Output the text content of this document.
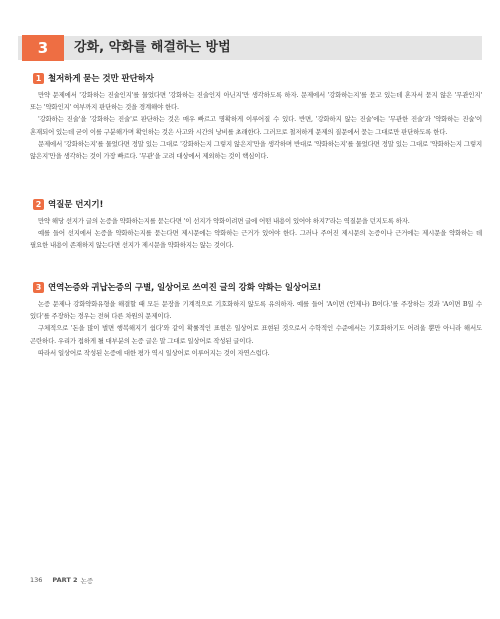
3	강화, 약화를 해결하는 방법
1 철저하게 묻는 것만 판단하자

만약 문제에서 '강화하는 진술인지'를 물었다면 '강화하는 진술인지 아닌지'만 생각하도록 하자. 문제에서 '강화하는지'를 묻고 있는데 혼자서 묻지 않은 '무관인지' 또는 '약화인지' 여부까지 판단하는 것을 경계해야 한다.

'강화하는 진술'을 '강화하는 진술'로 판단하는 것은 매우 빠르고 명확하게 이루어질 수 있다. 반면, '강화하지 않는 진술'에는 '무관한 진술'과 '약화하는 진술'이 혼재되어 있는데 굳이 이를 구분해가며 확인하는 것은 사고와 시간의 낭비를 초래한다. 그러므로 철저하게 문제의 질문에서 묻는 그대로만 판단하도록 한다.

문제에서 '강화하는지'를 물었다면 정말 있는 그대로 '강화하는지 그렇지 않은지'만을 생각하며 반대로 '약화하는지'를 물었다면 정말 있는 그대로 '약화하는지 그렇지 않은지'만을 생각하는 것이 가장 빠르다. '무관'을 고려 대상에서 제외하는 것이 핵심이다.

2 역질문 던지기!

만약 해당 선지가 글의 논증을 약화하는지를 묻는다면 '이 선지가 약화이려면 글에 어떤 내용이 있어야 하지?'라는 역질문을 던지도록 하자.

예를 들어 선지에서 논증을 약화하는지를 묻는다면 제시문에는 약화하는 근거가 있어야 한다. 그러나 주어진 제시문의 논증이나 근거에는 제시문을 약화하는 데 필요한 내용이 존재하지 않는다면 선지가 제시문을 약화하지는 않는 것이다.

3 연역논증와 귀납논증의 구별, 일상어로 쓰여진 글의 강화 약화는 일상어로!

논증 문제나 강화약화유형을 해결할 때 모든 문장을 기계적으로 기호화하지 않도록 유의하자. 예를 들어 'A이면 (언제나) B이다.'를 주장하는 것과 'A이면 B일 수 있다'를 주장하는 경우는 전혀 다른 차원의 문제이다.

구체적으로 '돈을 많이 벌면 행복해지기 쉽다'와 같이 확률적인 표현은 일상어로 표현된 것으로서 수학적인 수준에서는 기호화하기도 어려울 뿐만 아니라 해서도 곤란하다. 우리가 접하게 될 대부분의 논증 글은 말 그대로 일상어로 작성된 글이다.

따라서 일상어로 작성된 논증에 대한 평가 역시 일상어로 이루어지는 것이 자연스럽다.

136 PART 2 논증
